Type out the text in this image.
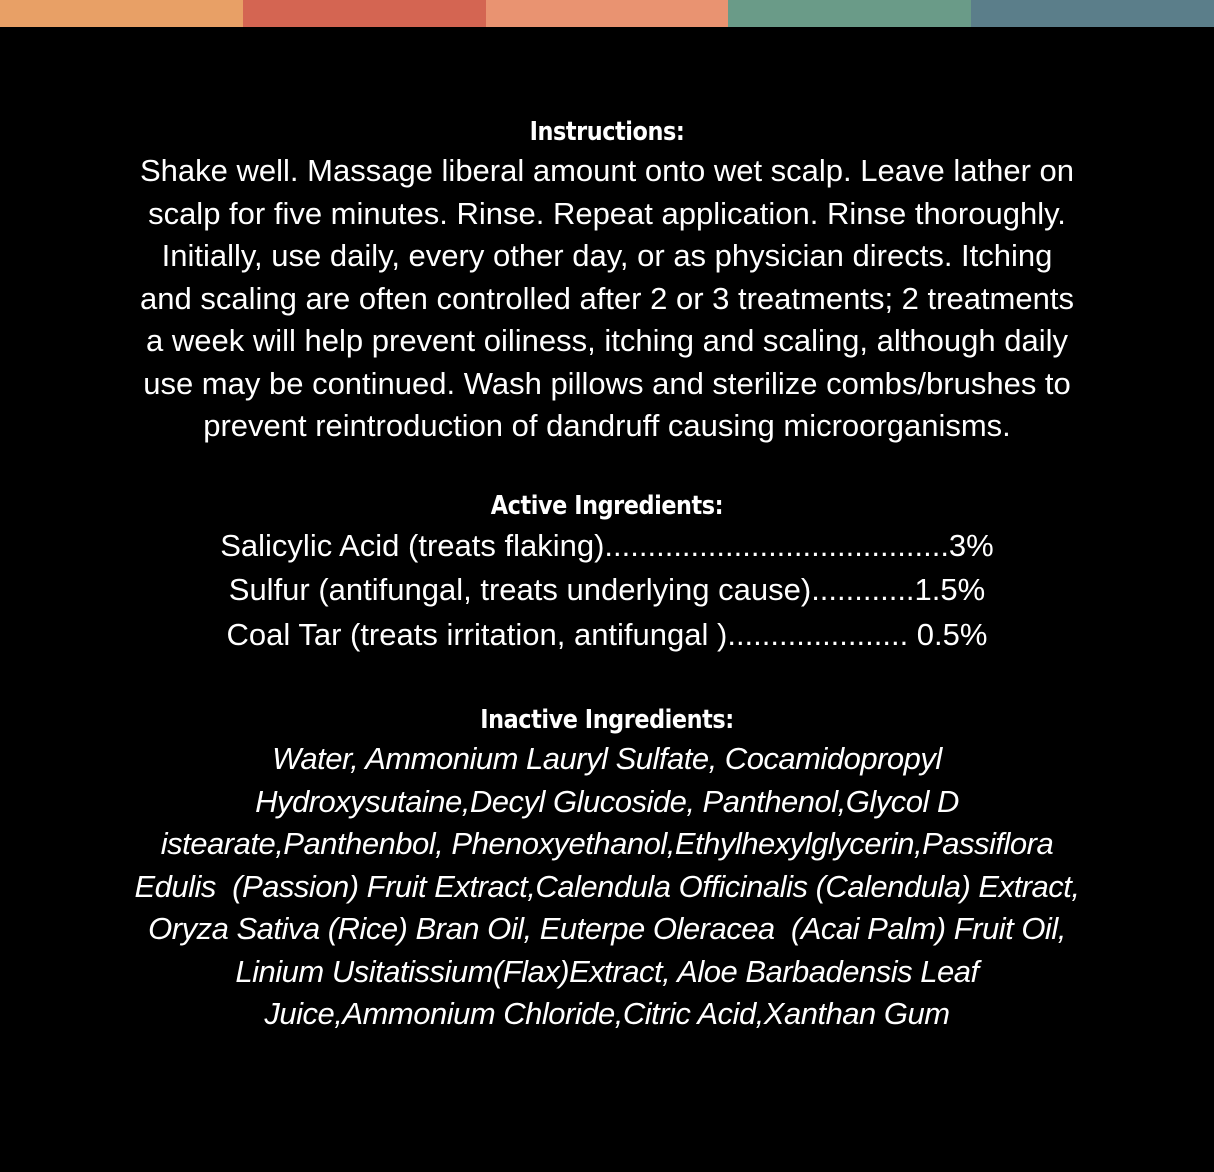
Instructions:

Shake well. Massage liberal amount onto wet scalp. Leave lather on
scalp for five minutes. Rinse. Repeat application. Rinse thoroughly.
Initially, use daily, every other day, or as physician directs. Itching
and scaling are often controlled after 2 or 3 treatments; 2 treatments
a week will help prevent oiliness, itching and scaling, although daily
use may be continued. Wash pillows and sterilize combs/brushes to
prevent reintroduction of dandruff causing microorganisms.

Active Ingredients:
Salicylic Acid (treats flaking)........................................3%
Sulfur (antifungal, treats underlying cause)............1.5%
Coal Tar (treats irritation, antifungal )..................... 0.5%
Inactive Ingredients:

Water, Ammonium Lauryl Sulfate, Cocamidopropyl
Hydroxysutaine,Decyl Glucoside, Panthenol,Glycol D
istearate,Panthenbol, Phenoxyethanol,Ethylhexylglycerin,Passiflora
Edulis  (Passion) Fruit Extract,Calendula Officinalis (Calendula) Extract,
Oryza Sativa (Rice) Bran Oil, Euterpe Oleracea  (Acai Palm) Fruit Oil,
Linium Usitatissium(Flax)Extract, Aloe Barbadensis Leaf
Juice,Ammonium Chloride,Citric Acid,Xanthan Gum
